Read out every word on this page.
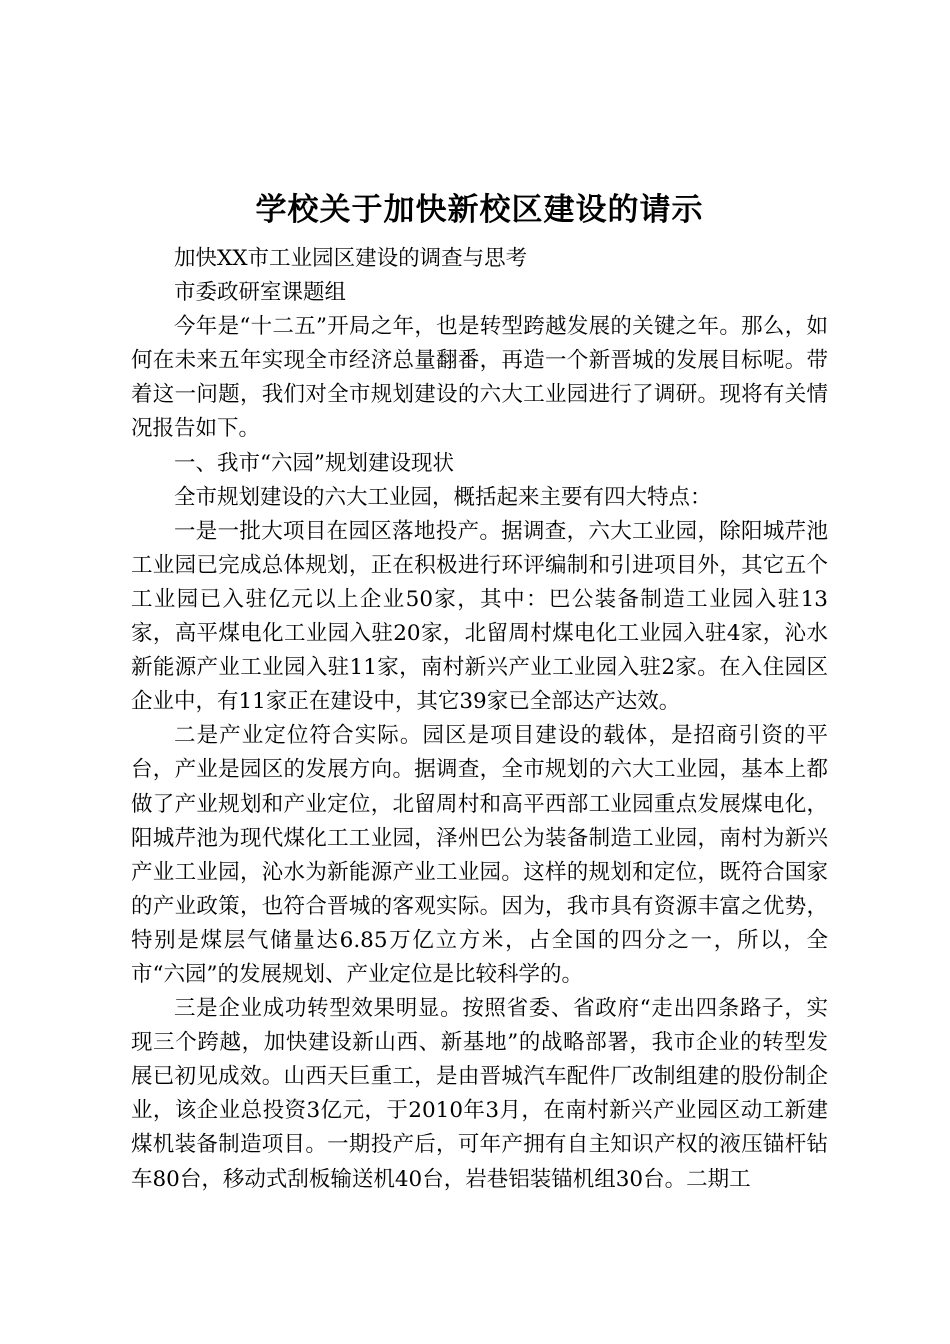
学校关于加快新校区建设的请示

加快XX市工业园区建设的调查与思考

市委政研室课题组

今年是“十二五”开局之年，也是转型跨越发展的关键之年。那么，如何在未来五年实现全市经济总量翻番，再造一个新晋城的发展目标呢。带着这一问题，我们对全市规划建设的六大工业园进行了调研。现将有关情况报告如下。

一、我市“六园”规划建设现状

全市规划建设的六大工业园，概括起来主要有四大特点：

一是一批大项目在园区落地投产。据调查，六大工业园，除阳城芹池工业园已完成总体规划，正在积极进行环评编制和引进项目外，其它五个工业园已入驻亿元以上企业50家，其中：巴公装备制造工业园入驻13家，高平煤电化工业园入驻20家，北留周村煤电化工业园入驻4家，沁水新能源产业工业园入驻11家，南村新兴产业工业园入驻2家。在入住园区企业中，有11家正在建设中，其它39家已全部达产达效。

二是产业定位符合实际。园区是项目建设的载体，是招商引资的平台，产业是园区的发展方向。据调查，全市规划的六大工业园，基本上都做了产业规划和产业定位，北留周村和高平西部工业园重点发展煤电化，阳城芹池为现代煤化工工业园，泽州巴公为装备制造工业园，南村为新兴产业工业园，沁水为新能源产业工业园。这样的规划和定位，既符合国家的产业政策，也符合晋城的客观实际。因为，我市具有资源丰富之优势，特别是煤层气储量达6.85万亿立方米，占全国的四分之一，所以，全市“六园”的发展规划、产业定位是比较科学的。

三是企业成功转型效果明显。按照省委、省政府“走出四条路子，实现三个跨越，加快建设新山西、新基地”的战略部署，我市企业的转型发展已初见成效。山西天巨重工，是由晋城汽车配件厂改制组建的股份制企业，该企业总投资3亿元，于2010年3月，在南村新兴产业园区动工新建煤机装备制造项目。一期投产后，可年产拥有自主知识产权的液压锚杆钻车80台，移动式刮板输送机40台，岩巷铝装锚机组30台。二期工
